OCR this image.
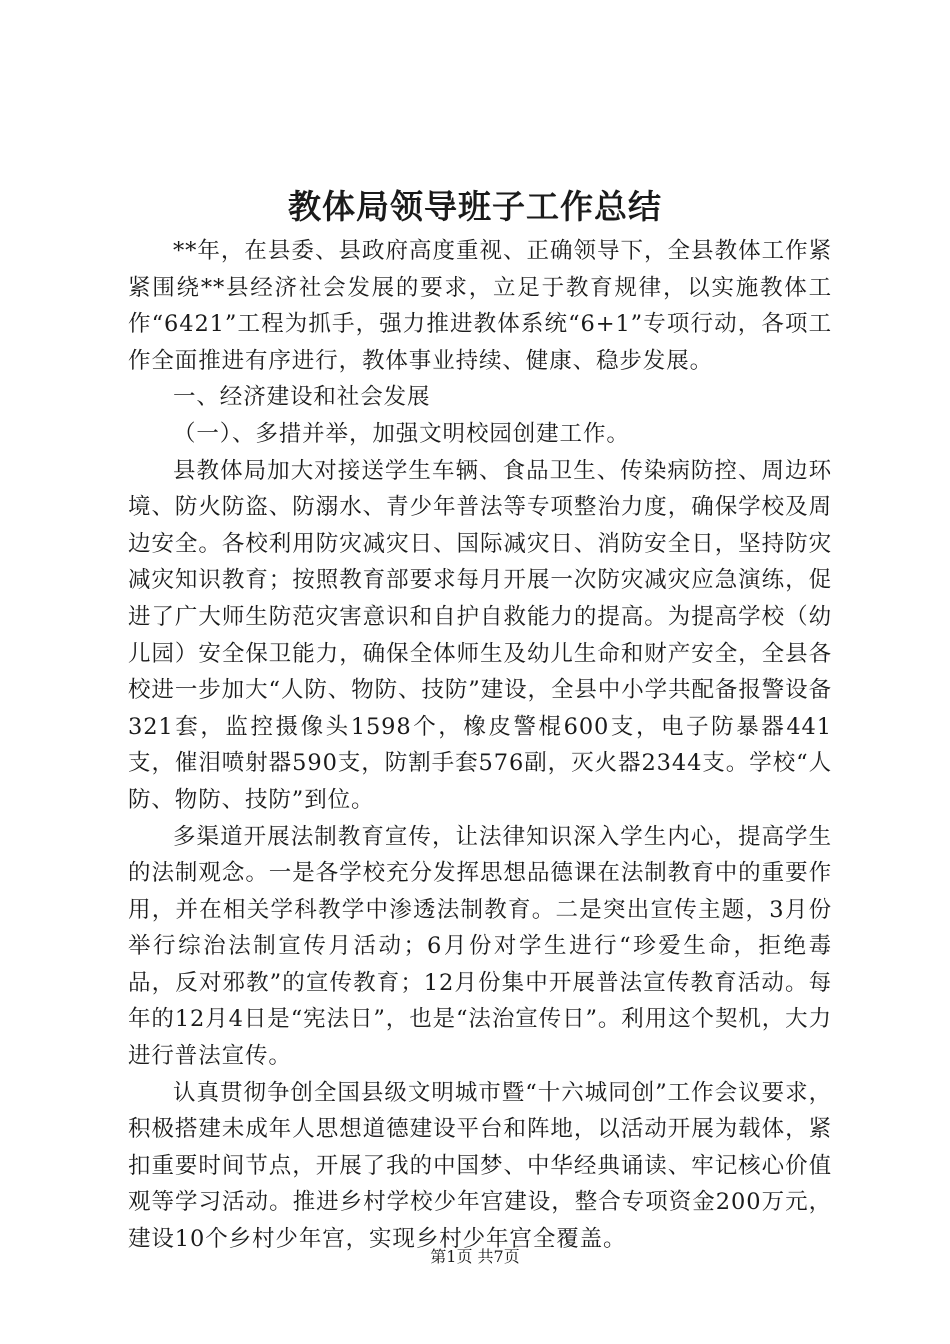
教体局领导班子工作总结

**年，在县委、县政府高度重视、正确领导下，全县教体工作紧紧围绕**县经济社会发展的要求，立足于教育规律，以实施教体工作“6421”工程为抓手，强力推进教体系统“6+1”专项行动，各项工作全面推进有序进行，教体事业持续、健康、稳步发展。

一、经济建设和社会发展

（一）、多措并举，加强文明校园创建工作。

县教体局加大对接送学生车辆、食品卫生、传染病防控、周边环境、防火防盗、防溺水、青少年普法等专项整治力度，确保学校及周边安全。各校利用防灾减灾日、国际减灾日、消防安全日，坚持防灾减灾知识教育；按照教育部要求每月开展一次防灾减灾应急演练，促进了广大师生防范灾害意识和自护自救能力的提高。为提高学校（幼儿园）安全保卫能力，确保全体师生及幼儿生命和财产安全，全县各校进一步加大“人防、物防、技防”建设，全县中小学共配备报警设备321套，监控摄像头1598个，橡皮警棍600支，电子防暴器441支，催泪喷射器590支，防割手套576副，灭火器2344支。学校“人防、物防、技防”到位。

多渠道开展法制教育宣传，让法律知识深入学生内心，提高学生的法制观念。一是各学校充分发挥思想品德课在法制教育中的重要作用，并在相关学科教学中渗透法制教育。二是突出宣传主题，3月份举行综治法制宣传月活动；6月份对学生进行“珍爱生命，拒绝毒品，反对邪教”的宣传教育；12月份集中开展普法宣传教育活动。每年的12月4日是“宪法日”，也是“法治宣传日”。利用这个契机，大力进行普法宣传。

认真贯彻争创全国县级文明城市暨“十六城同创”工作会议要求，积极搭建未成年人思想道德建设平台和阵地，以活动开展为载体，紧扣重要时间节点，开展了我的中国梦、中华经典诵读、牢记核心价值观等学习活动。推进乡村学校少年宫建设，整合专项资金200万元，建设10个乡村少年宫，实现乡村少年宫全覆盖。

第1页 共7页
